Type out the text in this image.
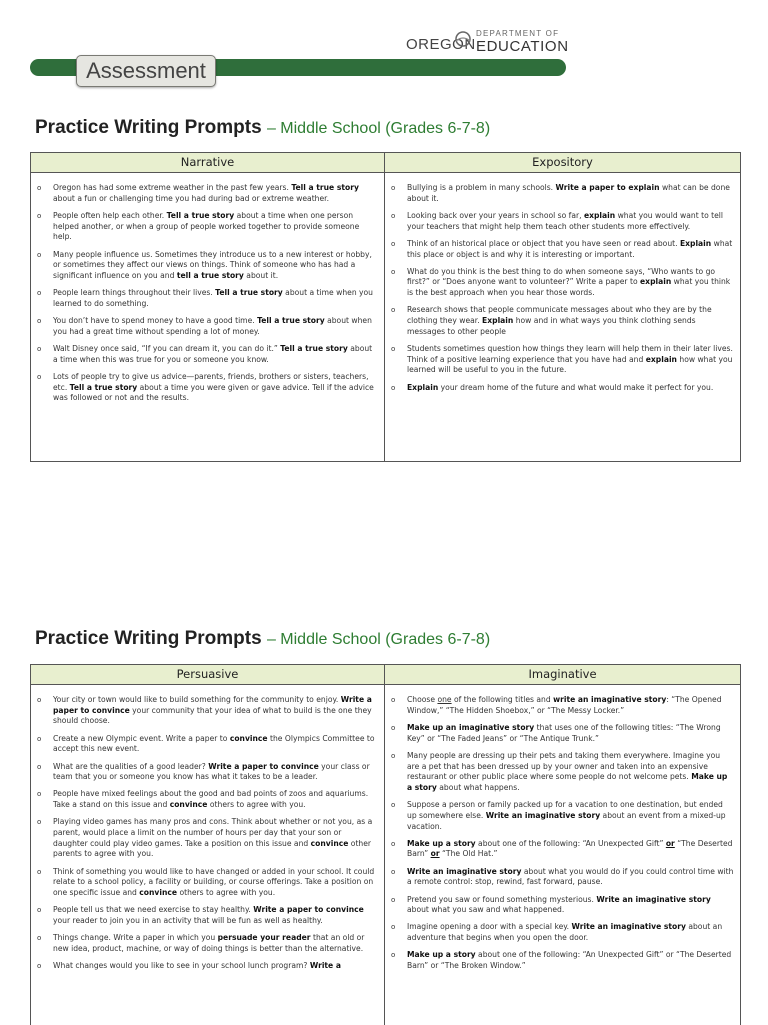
Assessment
OREGON
DEPARTMENT OF
EDUCATION
Practice Writing Prompts – Middle School (Grades 6-7-8)
Narrative	Expository
o Oregon has had some extreme weather in the past few years. Tell a true story about a fun or challenging time you had during bad or extreme weather.
o People often help each other. Tell a true story about a time when one person helped another, or when a group of people worked together to provide someone help.
o Many people influence us. Sometimes they introduce us to a new interest or hobby, or sometimes they affect our views on things. Think of someone who has had a significant influence on you and tell a true story about it.
o People learn things throughout their lives. Tell a true story about a time when you learned to do something.
o You don’t have to spend money to have a good time. Tell a true story about when you had a great time without spending a lot of money.
o Walt Disney once said, “If you can dream it, you can do it.” Tell a true story about a time when this was true for you or someone you know.
o Lots of people try to give us advice—parents, friends, brothers or sisters, teachers, etc. Tell a true story about a time you were given or gave advice. Tell if the advice was followed or not and the results.
o Bullying is a problem in many schools. Write a paper to explain what can be done about it.
o Looking back over your years in school so far, explain what you would want to tell your teachers that might help them teach other students more effectively.
o Think of an historical place or object that you have seen or read about. Explain what this place or object is and why it is interesting or important.
o What do you think is the best thing to do when someone says, “Who wants to go first?” or “Does anyone want to volunteer?” Write a paper to explain what you think is the best approach when you hear those words.
o Research shows that people communicate messages about who they are by the clothing they wear. Explain how and in what ways you think clothing sends messages to other people
o Students sometimes question how things they learn will help them in their later lives. Think of a positive learning experience that you have had and explain how what you learned will be useful to you in the future.
o Explain your dream home of the future and what would make it perfect for you.
Practice Writing Prompts – Middle School (Grades 6-7-8)
Persuasive	Imaginative
o Your city or town would like to build something for the community to enjoy. Write a paper to convince your community that your idea of what to build is the one they should choose.
o Create a new Olympic event. Write a paper to convince the Olympics Committee to accept this new event.
o What are the qualities of a good leader? Write a paper to convince your class or team that you or someone you know has what it takes to be a leader.
o People have mixed feelings about the good and bad points of zoos and aquariums. Take a stand on this issue and convince others to agree with you.
o Playing video games has many pros and cons. Think about whether or not you, as a parent, would place a limit on the number of hours per day that your son or daughter could play video games. Take a position on this issue and convince other parents to agree with you.
o Think of something you would like to have changed or added in your school. It could relate to a school policy, a facility or building, or course offerings. Take a position on one specific issue and convince others to agree with you.
o People tell us that we need exercise to stay healthy. Write a paper to convince your reader to join you in an activity that will be fun as well as healthy.
o Things change. Write a paper in which you persuade your reader that an old or new idea, product, machine, or way of doing things is better than the alternative.
o What changes would you like to see in your school lunch program? Write a
o Choose one of the following titles and write an imaginative story: “The Opened Window,” “The Hidden Shoebox,” or “The Messy Locker.”
o Make up an imaginative story that uses one of the following titles: “The Wrong Key” or “The Faded Jeans” or “The Antique Trunk.”
o Many people are dressing up their pets and taking them everywhere. Imagine you are a pet that has been dressed up by your owner and taken into an expensive restaurant or other public place where some people do not welcome pets. Make up a story about what happens.
o Suppose a person or family packed up for a vacation to one destination, but ended up somewhere else. Write an imaginative story about an event from a mixed-up vacation.
o Make up a story about one of the following: “An Unexpected Gift” or “The Deserted Barn” or “The Old Hat.”
o Write an imaginative story about what you would do if you could control time with a remote control: stop, rewind, fast forward, pause.
o Pretend you saw or found something mysterious. Write an imaginative story about what you saw and what happened.
o Imagine opening a door with a special key. Write an imaginative story about an adventure that begins when you open the door.
o Make up a story about one of the following: “An Unexpected Gift” or “The Deserted Barn” or “The Broken Window.”
